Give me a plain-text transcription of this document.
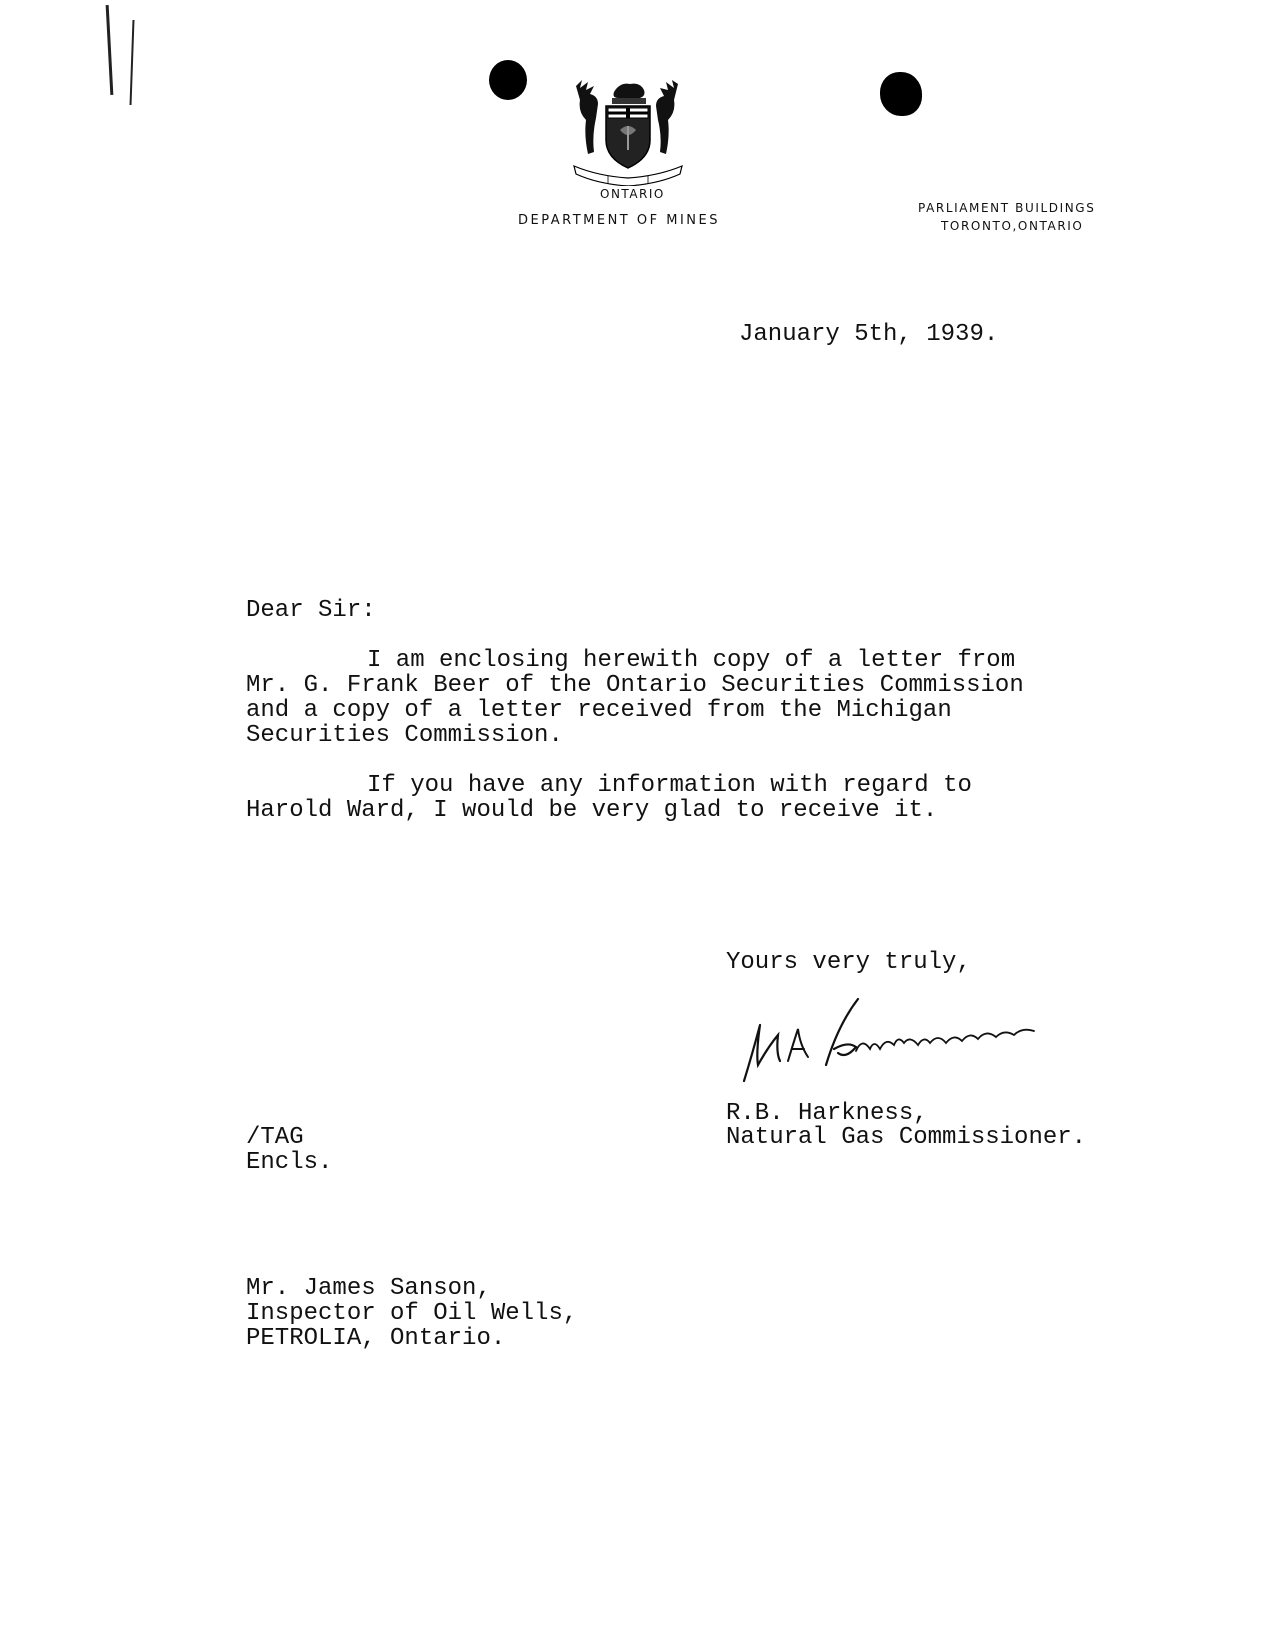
ONTARIO
DEPARTMENT OF MINES
PARLIAMENT BUILDINGS
TORONTO,ONTARIO
January 5th, 1939.
Dear Sir:
I am enclosing herewith copy of a letter from
Mr. G. Frank Beer of the Ontario Securities Commission
and a copy of a letter received from the Michigan
Securities Commission.
If you have any information with regard to
Harold Ward, I would be very glad to receive it.
Yours very truly,
R.B. Harkness,
Natural Gas Commissioner.
/TAG
Encls.
Mr. James Sanson,
Inspector of Oil Wells,
PETROLIA, Ontario.
